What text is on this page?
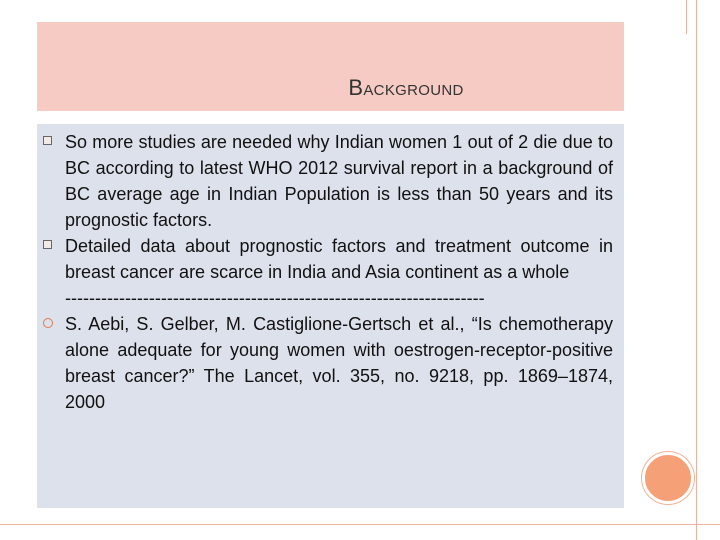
Background
So more studies are needed why Indian women 1 out of 2 die due to BC according to latest WHO 2012 survival report in a background of BC average age in Indian Population is less than 50 years and its prognostic factors.
Detailed data about prognostic factors and treatment outcome in breast cancer are scarce in India and Asia continent as a whole
----------------------------------------------------------------------
S. Aebi, S. Gelber, M. Castiglione-Gertsch et al., “Is chemotherapy alone adequate for young women with oestrogen-receptor-positive breast cancer?” The Lancet, vol. 355, no. 9218, pp. 1869–1874, 2000
